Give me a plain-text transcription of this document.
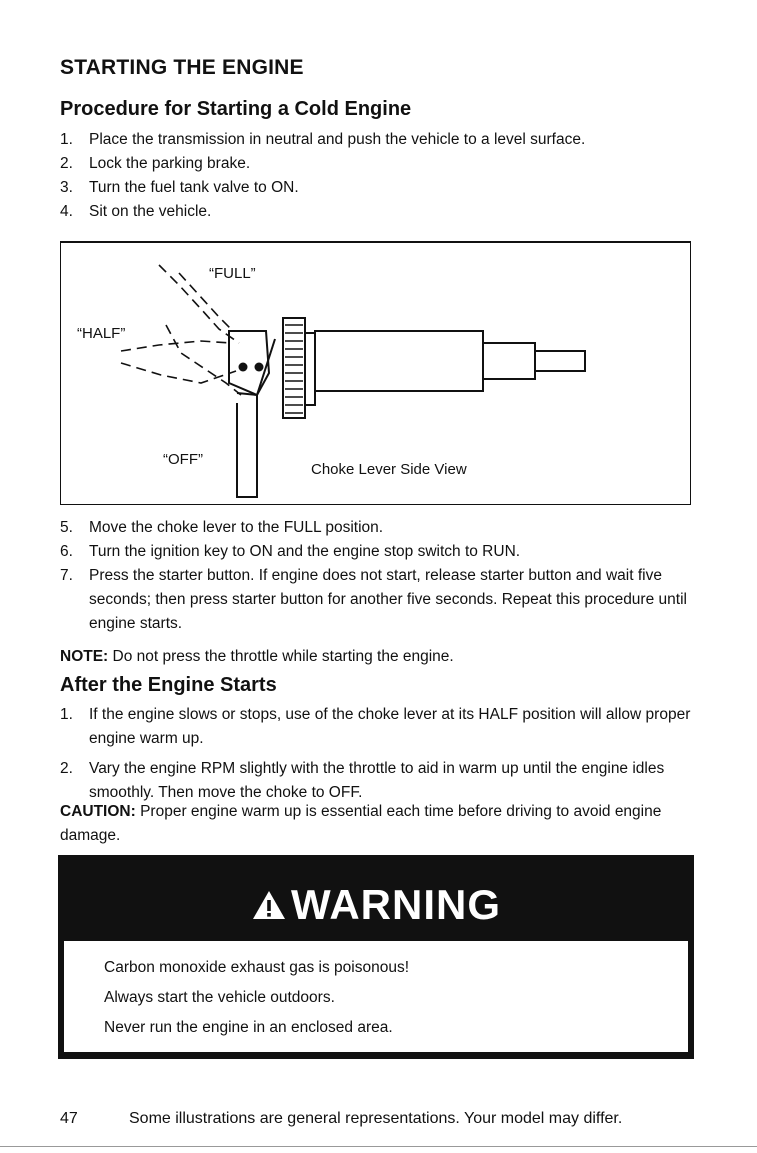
STARTING THE ENGINE
Procedure for Starting a Cold Engine
1.	Place the transmission in neutral and push the vehicle to a level surface.
2.	Lock the parking brake.
3.	Turn the fuel tank valve to ON.
4.	Sit on the vehicle.
“FULL”
“HALF”
“OFF”
Choke Lever Side View
5.	Move the choke lever to the FULL position.
6.	Turn the ignition key to ON and the engine stop switch to RUN.
7.	Press the starter button. If engine does not start, release starter button and wait five seconds; then press starter button for another five seconds. Repeat this procedure until engine starts.
NOTE: Do not press the throttle while starting the engine.
After the Engine Starts
1.	If the engine slows or stops, use of the choke lever at its HALF position will allow proper engine warm up.
2.	Vary the engine RPM slightly with the throttle to aid in warm up until the engine idles smoothly. Then move the choke to OFF.
CAUTION: Proper engine warm up is essential each time before driving to avoid engine damage.
WARNING
Carbon monoxide exhaust gas is poisonous!
Always start the vehicle outdoors.
Never run the engine in an enclosed area.
47	Some illustrations are general representations. Your model may differ.
